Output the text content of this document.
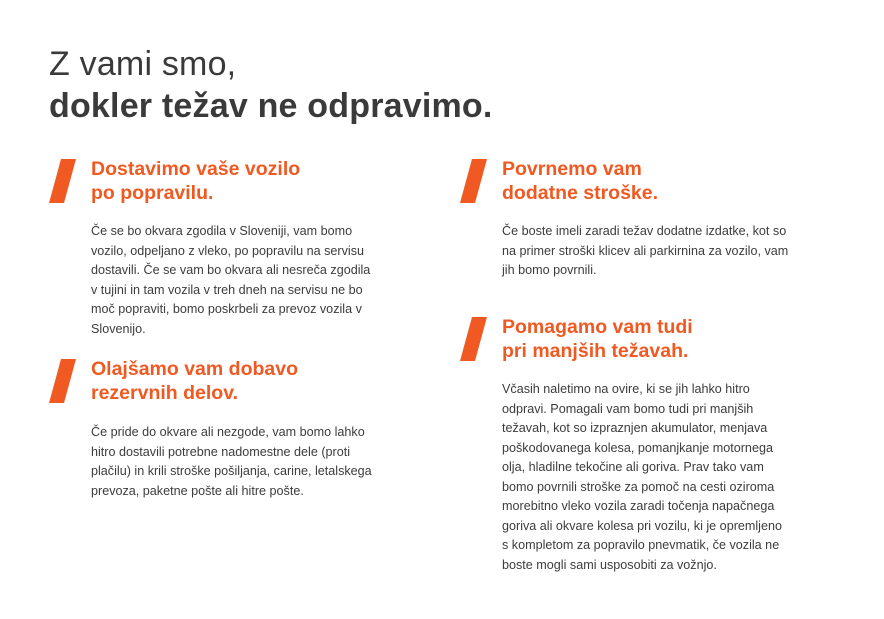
Z vami smo,
dokler težav ne odpravimo.
Dostavimo vaše vozilo
po popravilu.

Če se bo okvara zgodila v Sloveniji, vam bomo
vozilo, odpeljano z vleko, po popravilu na servisu
dostavili. Če se vam bo okvara ali nesreča zgodila
v tujini in tam vozila v treh dneh na servisu ne bo
moč popraviti, bomo poskrbeli za prevoz vozila v
Slovenijo.

Olajšamo vam dobavo
rezervnih delov.

Če pride do okvare ali nezgode, vam bomo lahko
hitro dostavili potrebne nadomestne dele (proti
plačilu) in krili stroške pošiljanja, carine, letalskega
prevoza, paketne pošte ali hitre pošte.

Povrnemo vam
dodatne stroške.

Če boste imeli zaradi težav dodatne izdatke, kot so
na primer stroški klicev ali parkirnina za vozilo, vam
jih bomo povrnili.

Pomagamo vam tudi
pri manjših težavah.

Včasih naletimo na ovire, ki se jih lahko hitro
odpravi. Pomagali vam bomo tudi pri manjših
težavah, kot so izpraznjen akumulator, menjava
poškodovanega kolesa, pomanjkanje motornega
olja, hladilne tekočine ali goriva. Prav tako vam
bomo povrnili stroške za pomoč na cesti oziroma
morebitno vleko vozila zaradi točenja napačnega
goriva ali okvare kolesa pri vozilu, ki je opremljeno
s kompletom za popravilo pnevmatik, če vozila ne
boste mogli sami usposobiti za vožnjo.
